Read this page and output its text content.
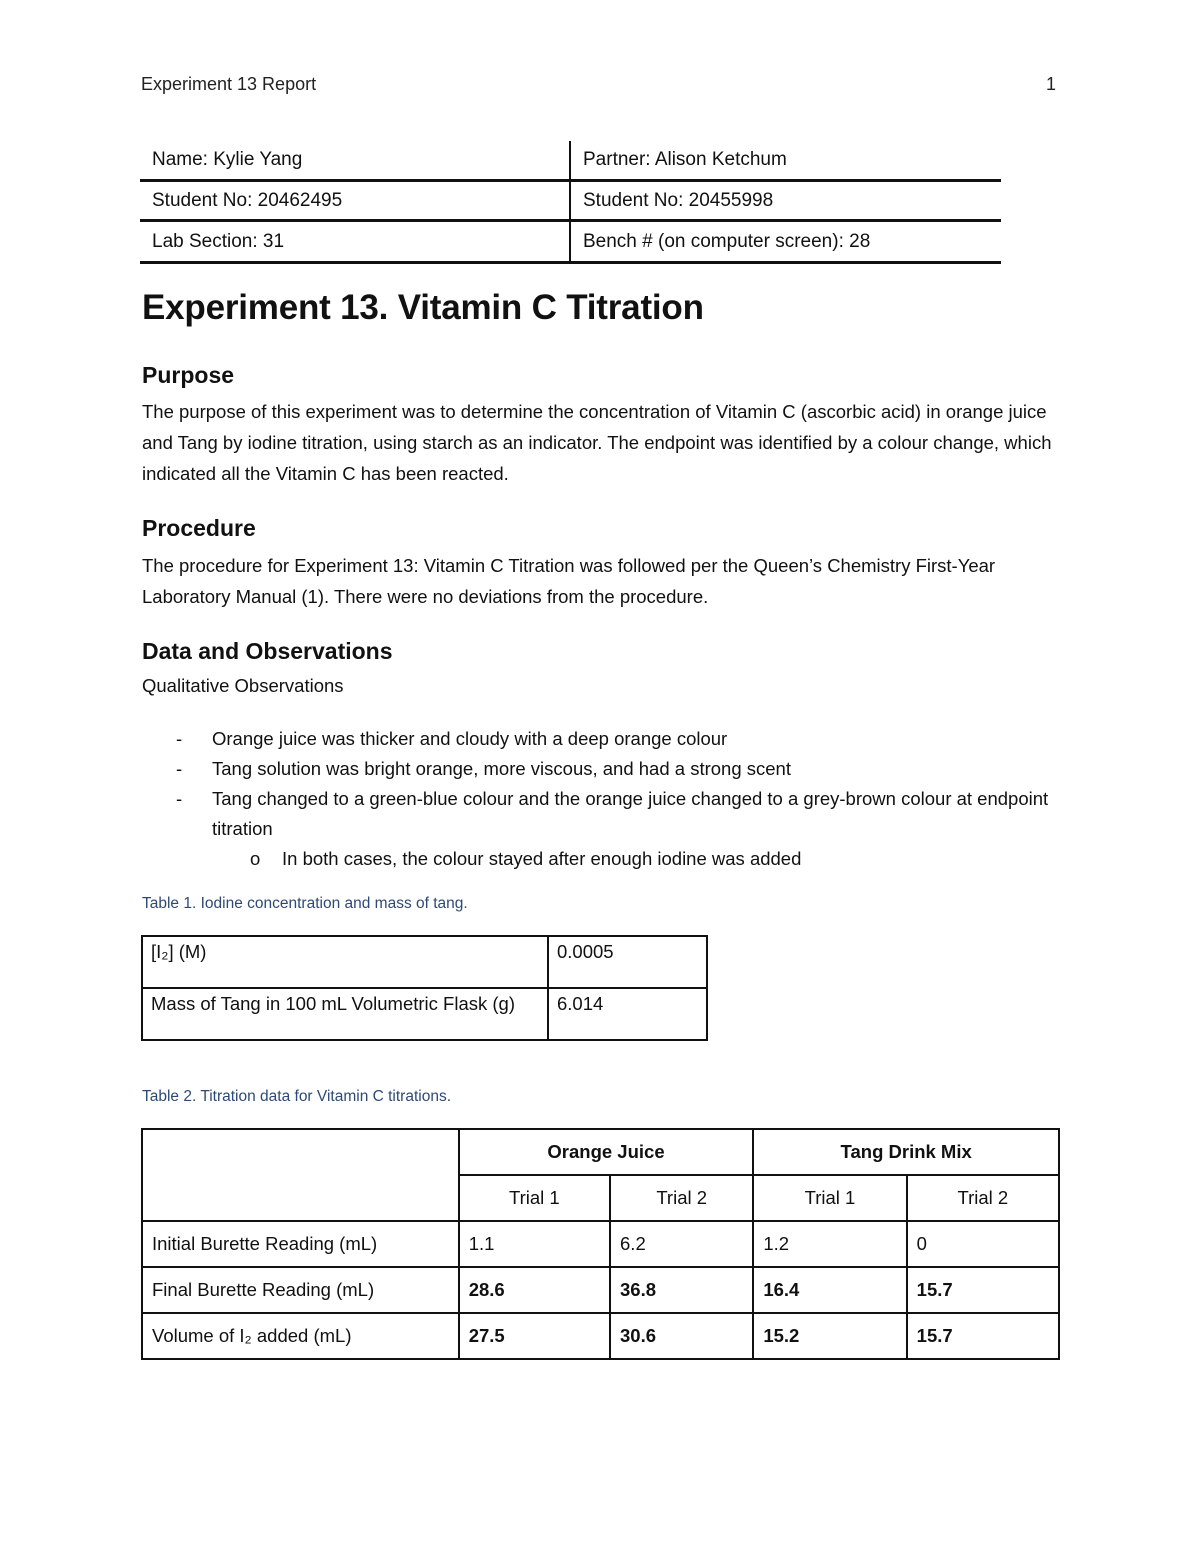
Experiment 13 Report	1
Name: Kylie Yang	Partner: Alison Ketchum
Student No: 20462495	Student No: 20455998
Lab Section: 31	Bench # (on computer screen): 28
Experiment 13. Vitamin C Titration
Purpose

The purpose of this experiment was to determine the concentration of Vitamin C (ascorbic acid) in orange juice and Tang by iodine titration, using starch as an indicator. The endpoint was identified by a colour change, which indicated all the Vitamin C has been reacted.

Procedure

The procedure for Experiment 13: Vitamin C Titration was followed per the Queen’s Chemistry First-Year Laboratory Manual (1). There were no deviations from the procedure.

Data and Observations
Qualitative Observations
- Orange juice was thicker and cloudy with a deep orange colour
- Tang solution was bright orange, more viscous, and had a strong scent
- Tang changed to a green-blue colour and the orange juice changed to a grey-brown colour at endpoint titration
o In both cases, the colour stayed after enough iodine was added
Table 1. Iodine concentration and mass of tang.
[I₂] (M)	0.0005
Mass of Tang in 100 mL Volumetric Flask (g)	6.014
Table 2. Titration data for Vitamin C titrations.
	Orange Juice		Tang Drink Mix	
	Trial 1	Trial 2	Trial 1	Trial 2
Initial Burette Reading (mL)	1.1	6.2	1.2	0
Final Burette Reading (mL)	28.6	36.8	16.4	15.7
Volume of I₂ added (mL)	27.5	30.6	15.2	15.7
